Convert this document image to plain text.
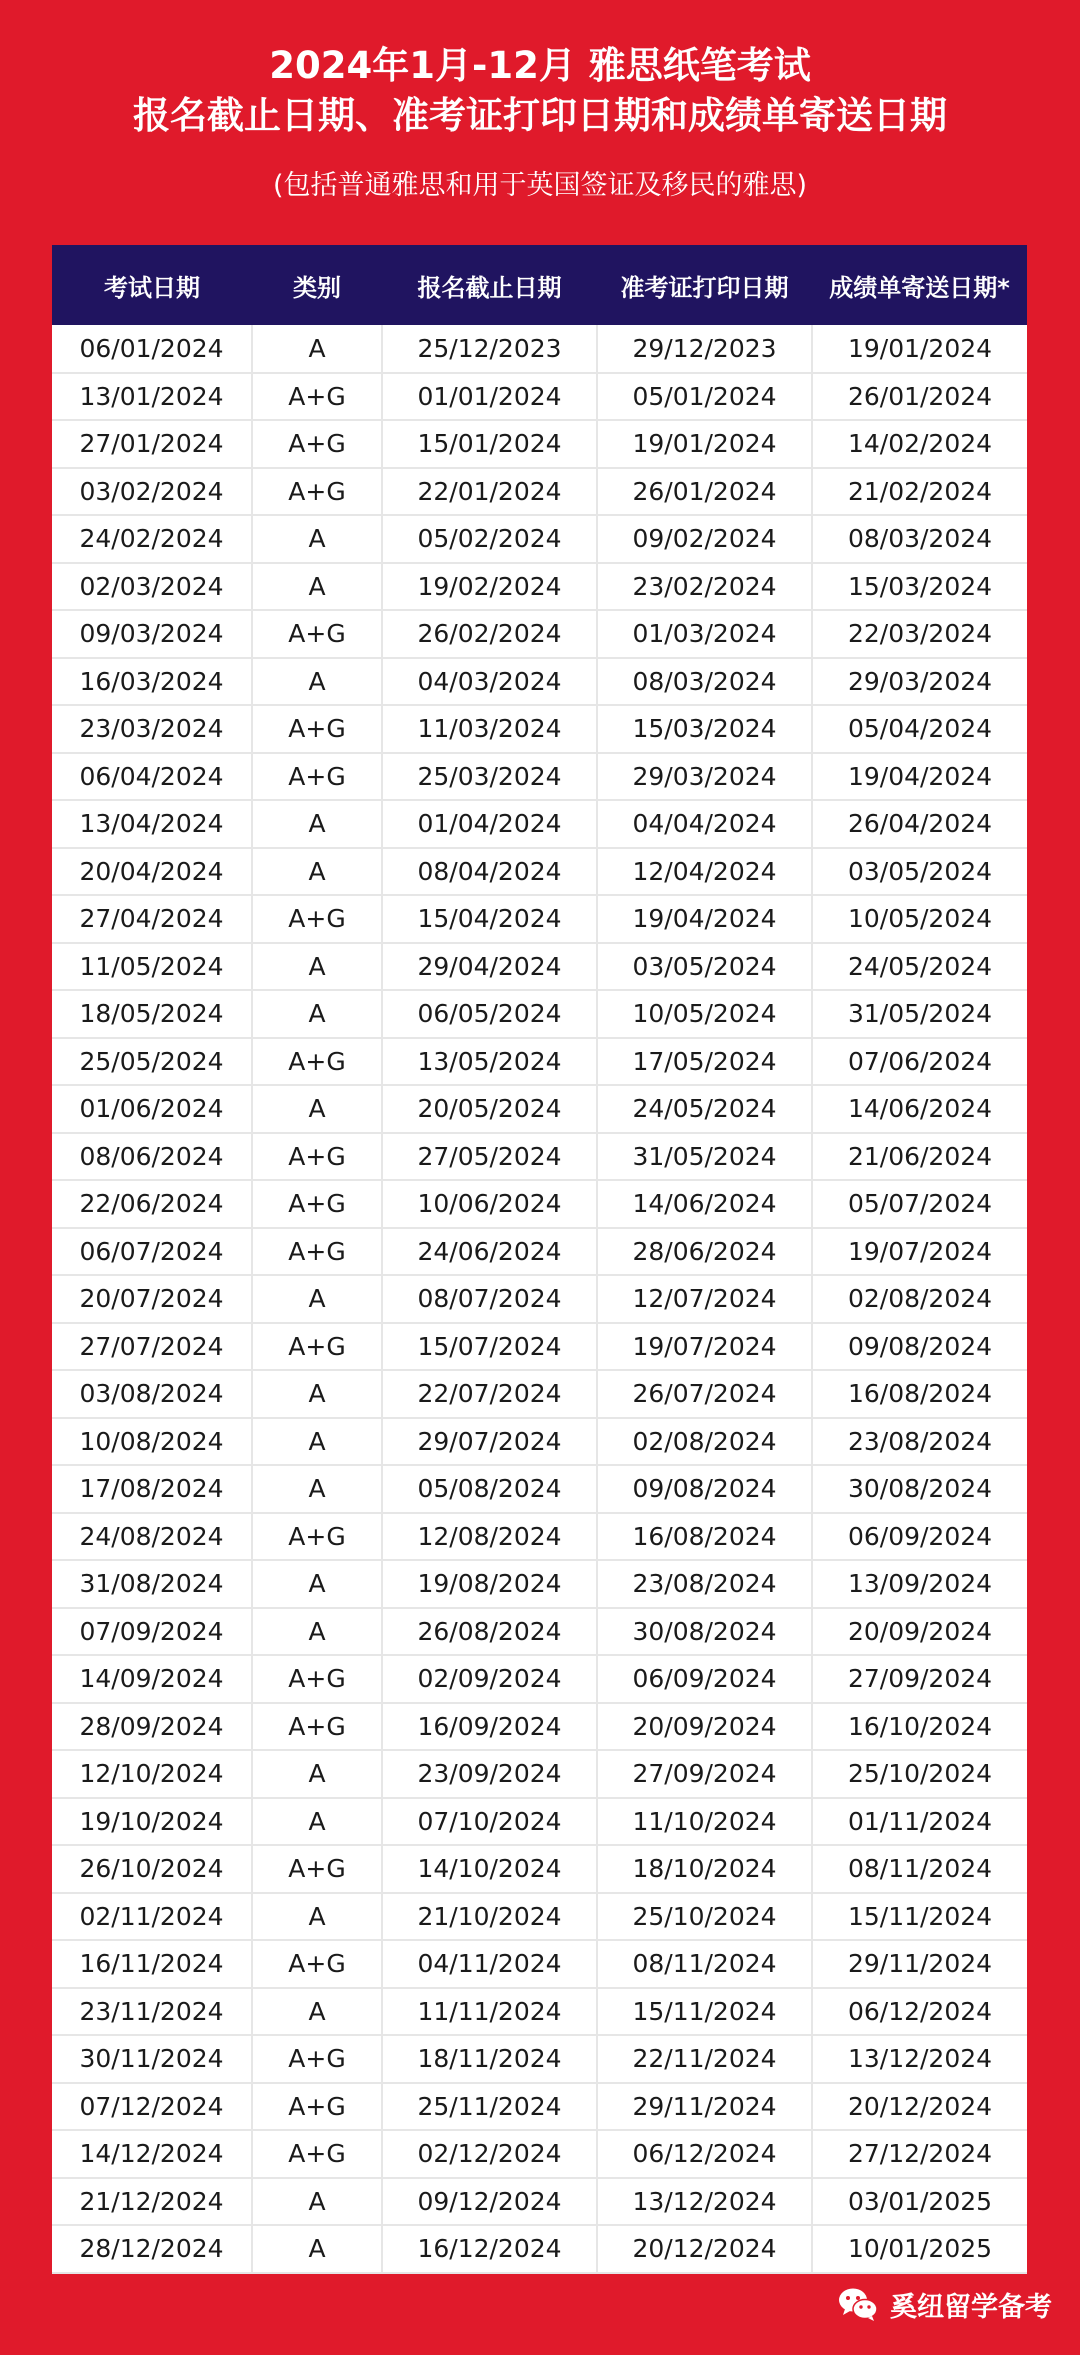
2024年1月-12月 雅思纸笔考试
报名截止日期、准考证打印日期和成绩单寄送日期
(包括普通雅思和用于英国签证及移民的雅思)
考试日期	类别	报名截止日期	准考证打印日期	成绩单寄送日期*
06/01/2024	A	25/12/2023	29/12/2023	19/01/2024
13/01/2024	A+G	01/01/2024	05/01/2024	26/01/2024
27/01/2024	A+G	15/01/2024	19/01/2024	14/02/2024
03/02/2024	A+G	22/01/2024	26/01/2024	21/02/2024
24/02/2024	A	05/02/2024	09/02/2024	08/03/2024
02/03/2024	A	19/02/2024	23/02/2024	15/03/2024
09/03/2024	A+G	26/02/2024	01/03/2024	22/03/2024
16/03/2024	A	04/03/2024	08/03/2024	29/03/2024
23/03/2024	A+G	11/03/2024	15/03/2024	05/04/2024
06/04/2024	A+G	25/03/2024	29/03/2024	19/04/2024
13/04/2024	A	01/04/2024	04/04/2024	26/04/2024
20/04/2024	A	08/04/2024	12/04/2024	03/05/2024
27/04/2024	A+G	15/04/2024	19/04/2024	10/05/2024
11/05/2024	A	29/04/2024	03/05/2024	24/05/2024
18/05/2024	A	06/05/2024	10/05/2024	31/05/2024
25/05/2024	A+G	13/05/2024	17/05/2024	07/06/2024
01/06/2024	A	20/05/2024	24/05/2024	14/06/2024
08/06/2024	A+G	27/05/2024	31/05/2024	21/06/2024
22/06/2024	A+G	10/06/2024	14/06/2024	05/07/2024
06/07/2024	A+G	24/06/2024	28/06/2024	19/07/2024
20/07/2024	A	08/07/2024	12/07/2024	02/08/2024
27/07/2024	A+G	15/07/2024	19/07/2024	09/08/2024
03/08/2024	A	22/07/2024	26/07/2024	16/08/2024
10/08/2024	A	29/07/2024	02/08/2024	23/08/2024
17/08/2024	A	05/08/2024	09/08/2024	30/08/2024
24/08/2024	A+G	12/08/2024	16/08/2024	06/09/2024
31/08/2024	A	19/08/2024	23/08/2024	13/09/2024
07/09/2024	A	26/08/2024	30/08/2024	20/09/2024
14/09/2024	A+G	02/09/2024	06/09/2024	27/09/2024
28/09/2024	A+G	16/09/2024	20/09/2024	16/10/2024
12/10/2024	A	23/09/2024	27/09/2024	25/10/2024
19/10/2024	A	07/10/2024	11/10/2024	01/11/2024
26/10/2024	A+G	14/10/2024	18/10/2024	08/11/2024
02/11/2024	A	21/10/2024	25/10/2024	15/11/2024
16/11/2024	A+G	04/11/2024	08/11/2024	29/11/2024
23/11/2024	A	11/11/2024	15/11/2024	06/12/2024
30/11/2024	A+G	18/11/2024	22/11/2024	13/12/2024
07/12/2024	A+G	25/11/2024	29/11/2024	20/12/2024
14/12/2024	A+G	02/12/2024	06/12/2024	27/12/2024
21/12/2024	A	09/12/2024	13/12/2024	03/01/2025
28/12/2024	A	16/12/2024	20/12/2024	10/01/2025
奚纽留学备考
